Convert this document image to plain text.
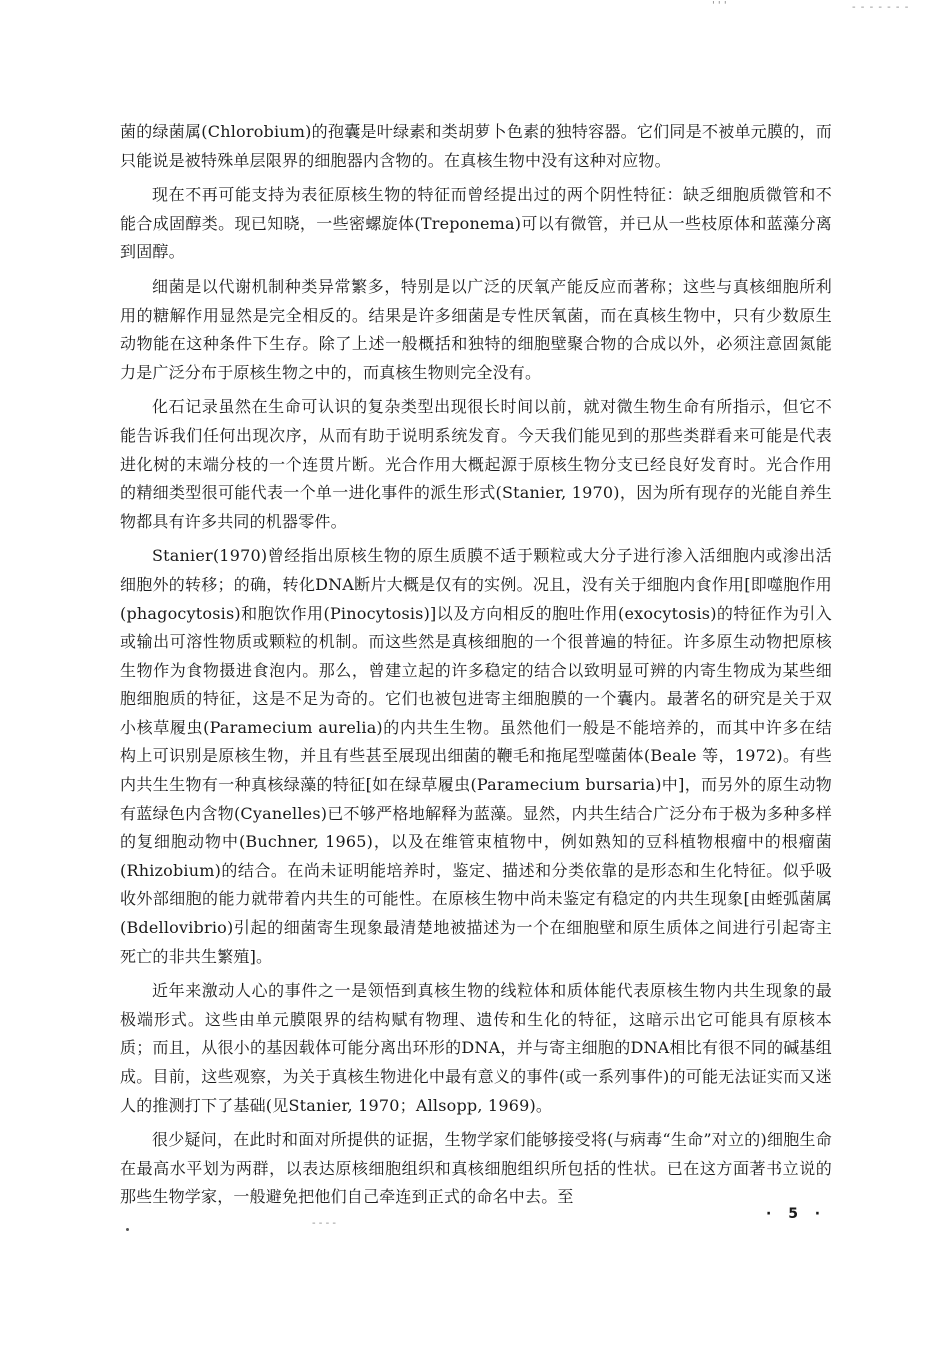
' ' '	- - - - - - -

菌的绿菌属(Chlorobium)的孢囊是叶绿素和类胡萝卜色素的独特容器。它们同是不被单元膜的，而只能说是被特殊单层限界的细胞器内含物的。在真核生物中没有这种对应物。

现在不再可能支持为表征原核生物的特征而曾经提出过的两个阴性特征：缺乏细胞质微管和不能合成固醇类。现已知晓，一些密螺旋体(Treponema)可以有微管，并已从一些枝原体和蓝藻分离到固醇。

细菌是以代谢机制种类异常繁多，特别是以广泛的厌氧产能反应而著称；这些与真核细胞所利用的糖解作用显然是完全相反的。结果是许多细菌是专性厌氧菌，而在真核生物中，只有少数原生动物能在这种条件下生存。除了上述一般概括和独特的细胞壁聚合物的合成以外，必须注意固氮能力是广泛分布于原核生物之中的，而真核生物则完全没有。

化石记录虽然在生命可认识的复杂类型出现很长时间以前，就对微生物生命有所指示，但它不能告诉我们任何出现次序，从而有助于说明系统发育。今天我们能见到的那些类群看来可能是代表进化树的末端分枝的一个连贯片断。光合作用大概起源于原核生物分支已经良好发育时。光合作用的精细类型很可能代表一个单一进化事件的派生形式(Stanier, 1970)，因为所有现存的光能自养生物都具有许多共同的机器零件。

Stanier(1970)曾经指出原核生物的原生质膜不适于颗粒或大分子进行渗入活细胞内或渗出活细胞外的转移；的确，转化DNA断片大概是仅有的实例。况且，没有关于细胞内食作用[即噬胞作用(phagocytosis)和胞饮作用(Pinocytosis)]以及方向相反的胞吐作用(exocytosis)的特征作为引入或输出可溶性物质或颗粒的机制。而这些然是真核细胞的一个很普遍的特征。许多原生动物把原核生物作为食物摄进食泡内。那么，曾建立起的许多稳定的结合以致明显可辨的内寄生物成为某些细胞细胞质的特征，这是不足为奇的。它们也被包进寄主细胞膜的一个囊内。最著名的研究是关于双小核草履虫(Paramecium aurelia)的内共生生物。虽然他们一般是不能培养的，而其中许多在结构上可识别是原核生物，并且有些甚至展现出细菌的鞭毛和拖尾型噬菌体(Beale 等，1972)。有些内共生生物有一种真核绿藻的特征[如在绿草履虫(Paramecium bursaria)中]，而另外的原生动物有蓝绿色内含物(Cyanelles)已不够严格地解释为蓝藻。显然，内共生结合广泛分布于极为多种多样的复细胞动物中(Buchner, 1965)，以及在维管束植物中，例如熟知的豆科植物根瘤中的根瘤菌(Rhizobium)的结合。在尚未证明能培养时，鉴定、描述和分类依靠的是形态和生化特征。似乎吸收外部细胞的能力就带着内共生的可能性。在原核生物中尚未鉴定有稳定的内共生现象[由蛭弧菌属(Bdellovibrio)引起的细菌寄生现象最清楚地被描述为一个在细胞壁和原生质体之间进行引起寄主死亡的非共生繁殖]。

近年来激动人心的事件之一是领悟到真核生物的线粒体和质体能代表原核生物内共生现象的最极端形式。这些由单元膜限界的结构赋有物理、遗传和生化的特征，这暗示出它可能具有原核本质；而且，从很小的基因载体可能分离出环形的DNA，并与寄主细胞的DNA相比有很不同的碱基组成。目前，这些观察，为关于真核生物进化中最有意义的事件(或一系列事件)的可能无法证实而又迷人的推测打下了基础(见Stanier, 1970；Allsopp, 1969)。

很少疑问，在此时和面对所提供的证据，生物学家们能够接受将(与病毒“生命”对立的)细胞生命在最高水平划为两群，以表达原核细胞组织和真核细胞组织所包括的性状。已在这方面著书立说的那些生物学家，一般避免把他们自己牵连到正式的命名中去。至

· 5 ·
- - - -
